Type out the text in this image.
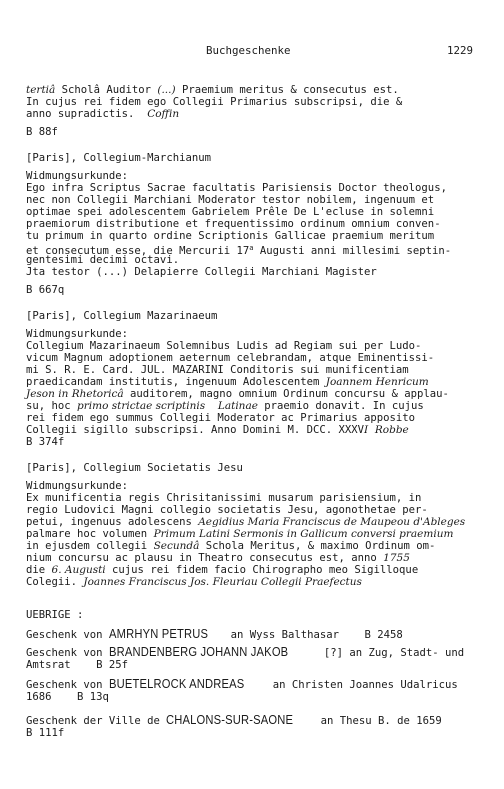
Buchgeschenke	1229
tertiâ Scholâ Auditor (...) Praemium meritus & consecutus est.
In cujus rei fidem ego Collegii Primarius subscripsi, die &
anno supradictis.  Coffin
B 88f
[Paris], Collegium-Marchianum
Widmungsurkunde:
Ego infra Scriptus Sacrae facultatis Parisiensis Doctor theologus,
nec non Collegii Marchiani Moderator testor nobilem, ingenuum et
optimae spei adolescentem Gabrielem Prêle De L'ecluse in solemni
praemiorum distributione et frequentissimo ordinum omnium conven-
tu primum in quarto ordine Scriptionis Gallicae praemium meritum
et consecutum esse, die Mercurii 17$^a$ Augusti anni millesimi septin-
gentesimi decimi octavi.
Jta testor (...) Delapierre Collegii Marchiani Magister
B 667q
[Paris], Collegium Mazarinaeum
Widmungsurkunde:
Collegium Mazarinaeum Solemnibus Ludis ad Regiam sui per Ludo-
vicum Magnum adoptionem aeternum celebrandam, atque Eminentissi-
mi S. R. E. Card. JUL. MAZARINI Conditoris sui munificentiam
praedicandam institutis, ingenuum Adolescentem Joannem Henricum
Jeson in Rhetoricâ auditorem, magno omnium Ordinum concursu & applau-
su, hoc primo strictae scriptinis Latinae praemio donavit. In cujus
rei fidem ego summus Collegii Moderator ac Primarius apposito
Collegii sigillo subscripsi. Anno Domini M. DCC. XXXVI  Robbe
B 374f
[Paris], Collegium Societatis Jesu
Widmungsurkunde:
Ex munificentia regis Chrisitanissimi musarum parisiensium, in
regio Ludovici Magni collegio societatis Jesu, agonothetae per-
petui, ingenuus adolescens Aegidius Maria Franciscus de Maupeou d'Ableges
palmare hoc volumen Primum Latini Sermonis in Gallicum conversi praemium
in ejusdem collegii Secundâ Schola Meritus, & maximo Ordinum om-
nium concursu ac plausu in Theatro consecutus est, anno 1755
die 6. Augusti cujus rei fidem facio Chirographo meo Sigilloque
Colegii. Joannes Franciscus Jos. Fleuriau Collegii Praefectus
UEBRIGE :
Geschenk von AMRHYN PETRUS an Wyss Balthasar    B 2458
Geschenk von BRANDENBERG JOHANN JAKOB	[?] an Zug, Stadt- und
Amtsrat    B 25f
Geschenk von BUETELROCK ANDREAS an Christen Joannes Udalricus
1686    B 13q
Geschenk der Ville de CHALONS-SUR-SAONE an Thesu B. de 1659
B 111f
